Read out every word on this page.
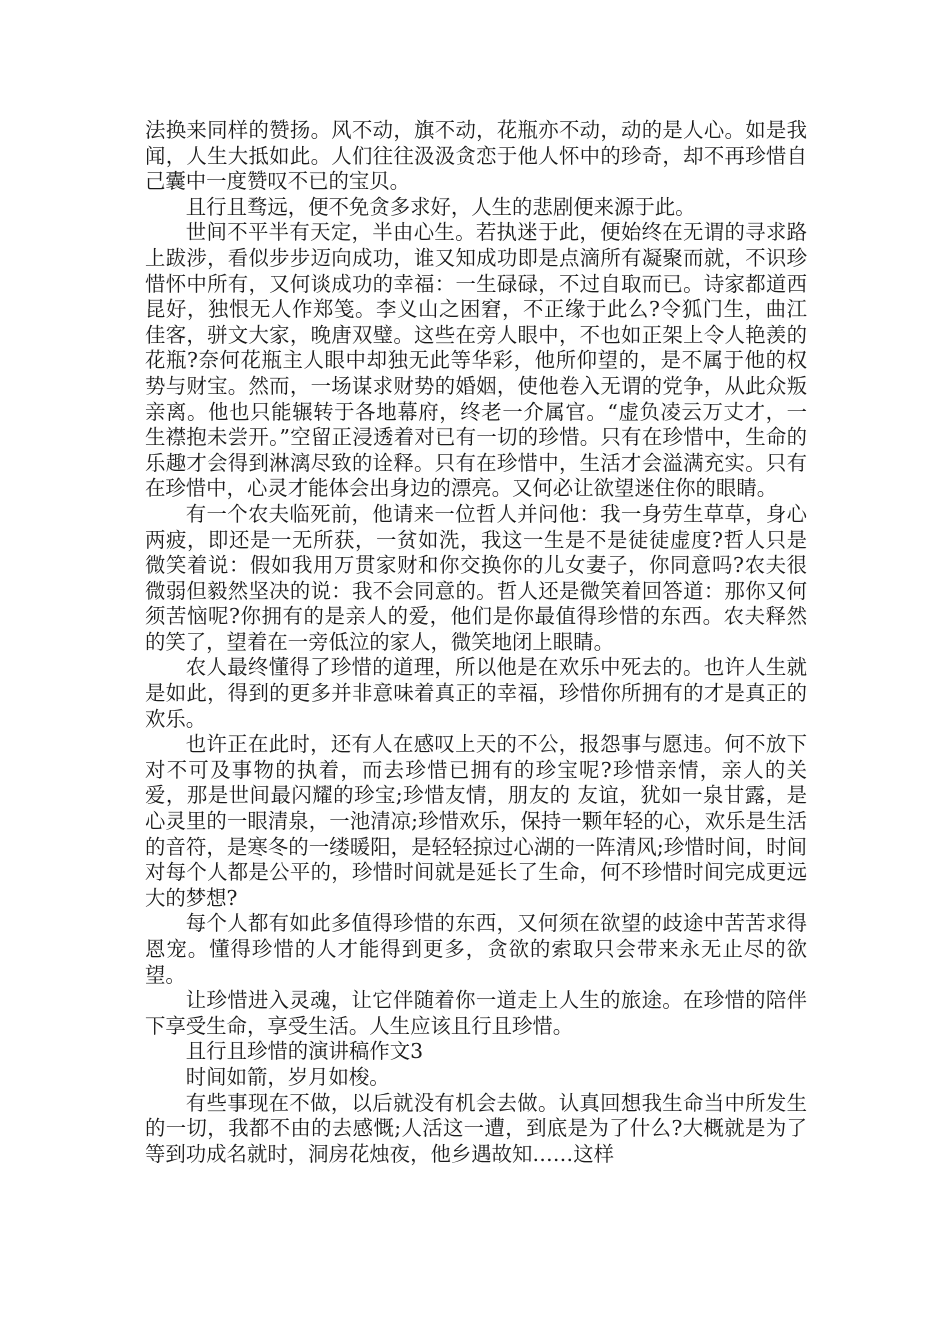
法换来同样的赞扬。风不动，旗不动，花瓶亦不动，动的是人心。如是我闻，人生大抵如此。人们往往汲汲贪恋于他人怀中的珍奇，却不再珍惜自己囊中一度赞叹不已的宝贝。

且行且骛远，便不免贪多求好，人生的悲剧便来源于此。

世间不平半有天定，半由心生。若执迷于此，便始终在无谓的寻求路上跋涉，看似步步迈向成功，谁又知成功即是点滴所有凝聚而就，不识珍惜怀中所有，又何谈成功的幸福：一生碌碌，不过自取而已。诗家都道西昆好，独恨无人作郑笺。李义山之困窘，不正缘于此么?令狐门生，曲江佳客，骈文大家，晚唐双璧。这些在旁人眼中，不也如正架上令人艳羡的花瓶?奈何花瓶主人眼中却独无此等华彩，他所仰望的，是不属于他的权势与财宝。然而，一场谋求财势的婚姻，使他卷入无谓的党争，从此众叛亲离。他也只能辗转于各地幕府，终老一介属官。“虚负凌云万丈才，一生襟抱未尝开。”空留正浸透着对已有一切的珍惜。只有在珍惜中，生命的乐趣才会得到淋漓尽致的诠释。只有在珍惜中，生活才会溢满充实。只有在珍惜中，心灵才能体会出身边的漂亮。又何必让欲望迷住你的眼睛。

有一个农夫临死前，他请来一位哲人并问他：我一身劳生草草，身心两疲，即还是一无所获，一贫如洗，我这一生是不是徒徒虚度?哲人只是微笑着说：假如我用万贯家财和你交换你的儿女妻子，你同意吗?农夫很微弱但毅然坚决的说：我不会同意的。哲人还是微笑着回答道：那你又何须苦恼呢?你拥有的是亲人的爱，他们是你最值得珍惜的东西。农夫释然的笑了，望着在一旁低泣的家人，微笑地闭上眼睛。

农人最终懂得了珍惜的道理，所以他是在欢乐中死去的。也许人生就是如此，得到的更多并非意味着真正的幸福，珍惜你所拥有的才是真正的欢乐。

也许正在此时，还有人在感叹上天的不公，报怨事与愿违。何不放下对不可及事物的执着，而去珍惜已拥有的珍宝呢?珍惜亲情，亲人的关爱，那是世间最闪耀的珍宝;珍惜友情，朋友的 友谊，犹如一泉甘露，是心灵里的一眼清泉，一池清凉;珍惜欢乐，保持一颗年轻的心，欢乐是生活的音符，是寒冬的一缕暖阳，是轻轻掠过心湖的一阵清风;珍惜时间，时间对每个人都是公平的，珍惜时间就是延长了生命，何不珍惜时间完成更远大的梦想?

每个人都有如此多值得珍惜的东西，又何须在欲望的歧途中苦苦求得恩宠。懂得珍惜的人才能得到更多，贪欲的索取只会带来永无止尽的欲望。

让珍惜进入灵魂，让它伴随着你一道走上人生的旅途。在珍惜的陪伴下享受生命，享受生活。人生应该且行且珍惜。

且行且珍惜的演讲稿作文3

时间如箭，岁月如梭。

有些事现在不做，以后就没有机会去做。认真回想我生命当中所发生的一切，我都不由的去感慨;人活这一遭，到底是为了什么?大概就是为了等到功成名就时，洞房花烛夜，他乡遇故知……这样
